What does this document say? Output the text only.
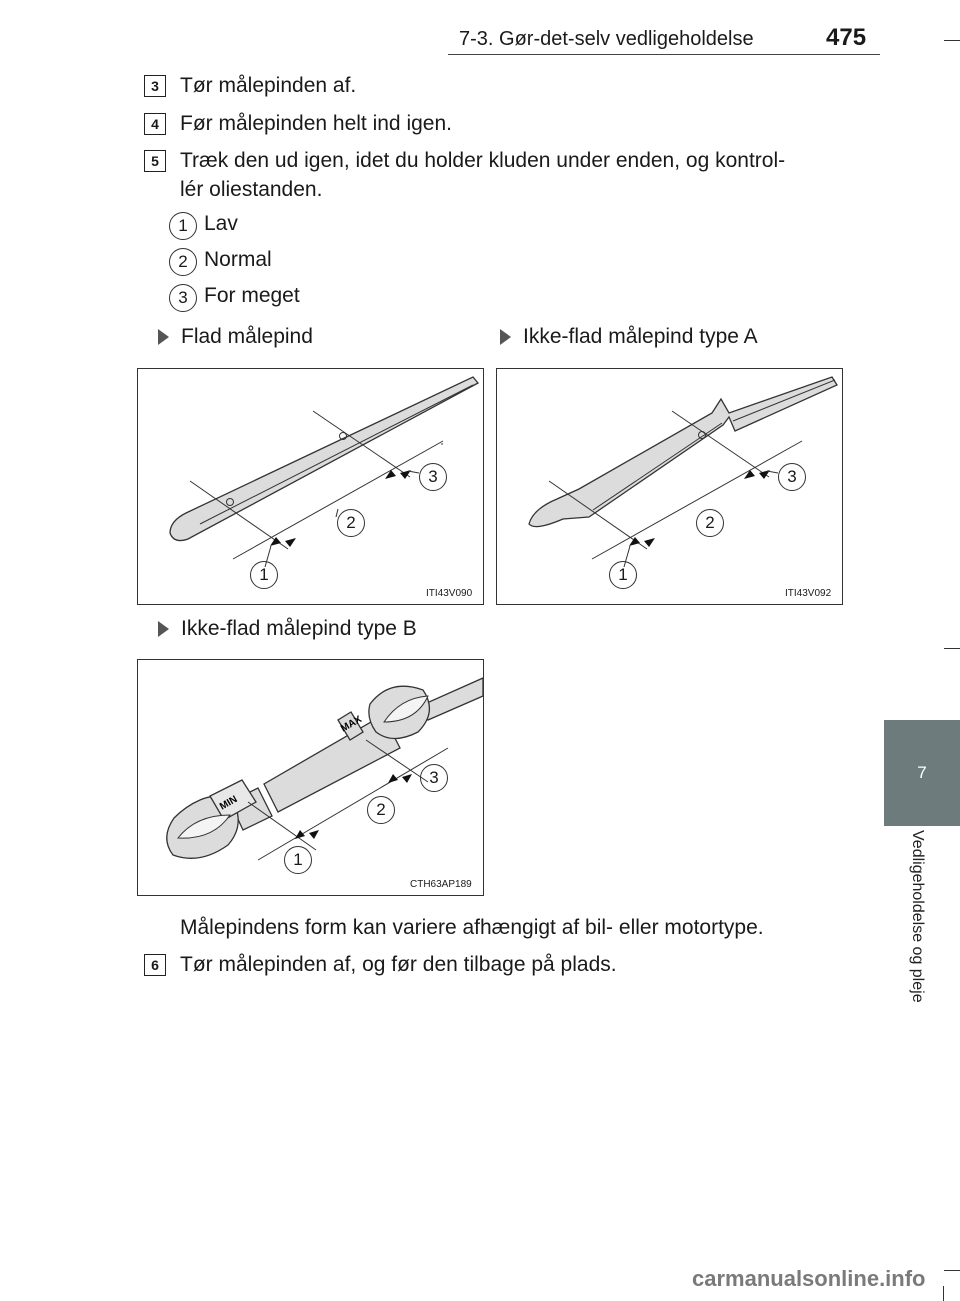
7-3. Gør-det-selv vedligeholdelse	475
3	Tør målepinden af.
4	Før målepinden helt ind igen.
5	Træk den ud igen, idet du holder kluden under enden, og kontrol-
lér oliestanden.
1 Lav
2 Normal
3 For meget
Flad målepind	Ikke-flad målepind type A
1
2
3
ITI43V090
1
2
3
ITI43V092
Ikke-flad målepind type B
MAX
MIN
1
2
3
CTH63AP189
Målepindens form kan variere afhængigt af bil- eller motortype.
6	Tør målepinden af, og før den tilbage på plads.
7
Vedligeholdelse og pleje
carmanualsonline.info
